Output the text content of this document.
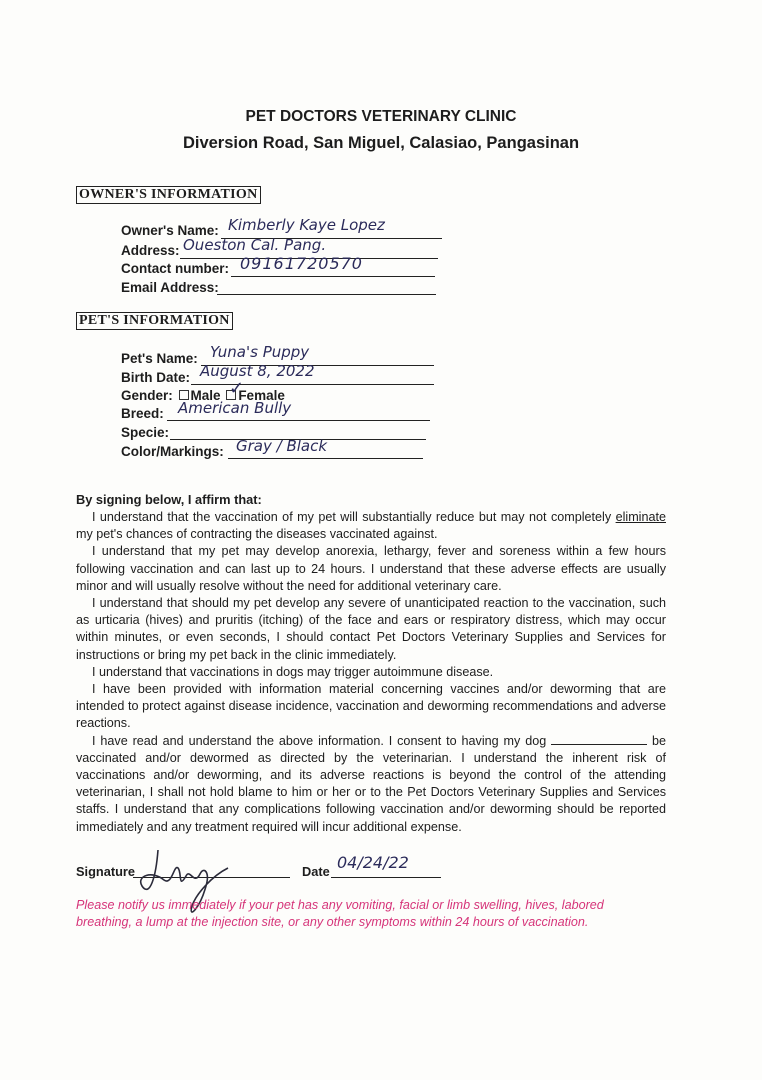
PET DOCTORS VETERINARY CLINIC
Diversion Road, San Miguel, Calasiao, Pangasinan
OWNER'S INFORMATION
Owner's Name: Kimberly Kaye Lopez
Address: Oueston Cal. Pang.
Contact number: 09161720570
Email Address:
PET'S INFORMATION
Pet's Name: Yuna's Puppy
Birth Date: August 8, 2022
Gender: Male Female
✓
Breed: American Bully
Specie:
Color/Markings: Gray / Black
By signing below, I affirm that:

I understand that the vaccination of my pet will substantially reduce but may not completely eliminate my pet's chances of contracting the diseases vaccinated against.

I understand that my pet may develop anorexia, lethargy, fever and soreness within a few hours following vaccination and can last up to 24 hours. I understand that these adverse effects are usually minor and will usually resolve without the need for additional veterinary care.

I understand that should my pet develop any severe of unanticipated reaction to the vaccination, such as urticaria (hives) and pruritis (itching) of the face and ears or respiratory distress, which may occur within minutes, or even seconds, I should contact Pet Doctors Veterinary Supplies and Services for instructions or bring my pet back in the clinic immediately.

I understand that vaccinations in dogs may trigger autoimmune disease.

I have been provided with information material concerning vaccines and/or deworming that are intended to protect against disease incidence, vaccination and deworming recommendations and adverse reactions.

I have read and understand the above information. I consent to having my dog	be vaccinated and/or dewormed as directed by the veterinarian. I understand the inherent risk of vaccinations and/or deworming, and its adverse reactions is beyond the control of the attending veterinarian, I shall not hold blame to him or her or to the Pet Doctors Veterinary Supplies and Services staffs. I understand that any complications following vaccination and/or deworming should be reported immediately and any treatment required will incur additional expense.

Signature	Date 04/24/22
Please notify us immediately if your pet has any vomiting, facial or limb swelling, hives, labored breathing, a lump at the injection site, or any other symptoms within 24 hours of vaccination.
